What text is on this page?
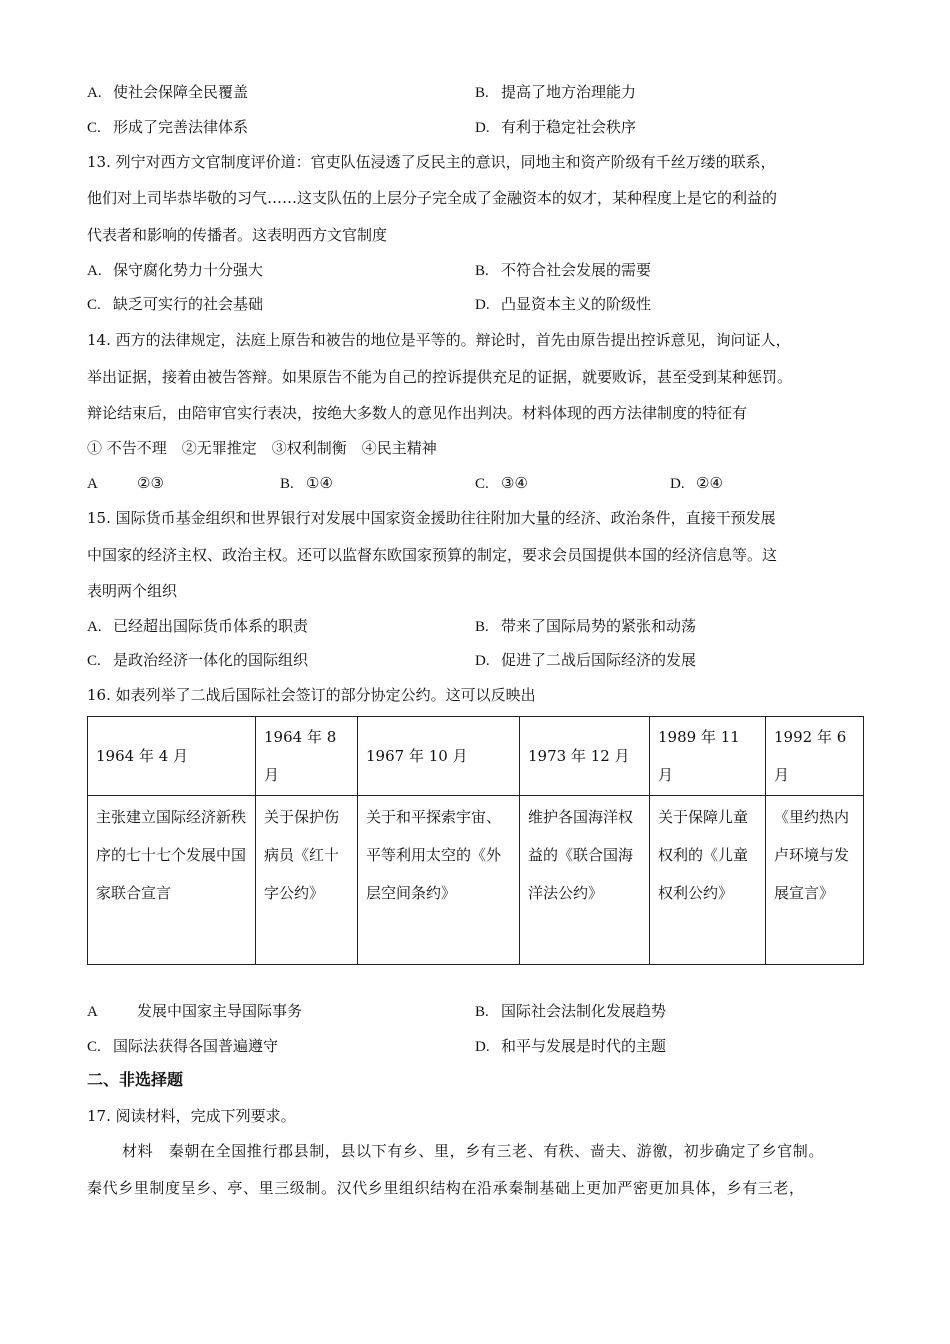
A. 使社会保障全民覆盖	B. 提高了地方治理能力
C. 形成了完善法律体系	D. 有利于稳定社会秩序
13. 列宁对西方文官制度评价道：官吏队伍浸透了反民主的意识，同地主和资产阶级有千丝万缕的联系，
他们对上司毕恭毕敬的习气……这支队伍的上层分子完全成了金融资本的奴才，某种程度上是它的利益的
代表者和影响的传播者。这表明西方文官制度
A. 保守腐化势力十分强大	B. 不符合社会发展的需要
C. 缺乏可实行的社会基础	D. 凸显资本主义的阶级性
14. 西方的法律规定，法庭上原告和被告的地位是平等的。辩论时，首先由原告提出控诉意见，询问证人，
举出证据，接着由被告答辩。如果原告不能为自己的控诉提供充足的证据，就要败诉，甚至受到某种惩罚。
辩论结束后，由陪审官实行表决，按绝大多数人的意见作出判决。材料体现的西方法律制度的特征有
① 不告不理　②无罪推定　③权利制衡　④民主精神
A	②③	B. ①④	C. ③④	D. ②④
15. 国际货币基金组织和世界银行对发展中国家资金援助往往附加大量的经济、政治条件，直接干预发展
中国家的经济主权、政治主权。还可以监督东欧国家预算的制定，要求会员国提供本国的经济信息等。这
表明两个组织
A. 已经超出国际货币体系的职责	B. 带来了国际局势的紧张和动荡
C. 是政治经济一体化的国际组织	D. 促进了二战后国际经济的发展
16. 如表列举了二战后国际社会签订的部分协定公约。这可以反映出
1964 年 4 月	1964 年 8 月	1967 年 10 月	1973 年 12 月	1989 年 11 月	1992 年 6 月
主张建立国际经济新秩序的七十七个发展中国家联合宣言	关于保护伤病员《红十字公约》	关于和平探索宇宙、平等利用太空的《外层空间条约》	维护各国海洋权益的《联合国海洋法公约》	关于保障儿童权利的《儿童权利公约》	《里约热内卢环境与发展宣言》
A	发展中国家主导国际事务	B. 国际社会法制化发展趋势
C. 国际法获得各国普遍遵守	D. 和平与发展是时代的主题
二、非选择题
17. 阅读材料，完成下列要求。
材料　秦朝在全国推行郡县制，县以下有乡、里，乡有三老、有秩、啬夫、游徼，初步确定了乡官制。
秦代乡里制度呈乡、亭、里三级制。汉代乡里组织结构在沿承秦制基础上更加严密更加具体，乡有三老，
